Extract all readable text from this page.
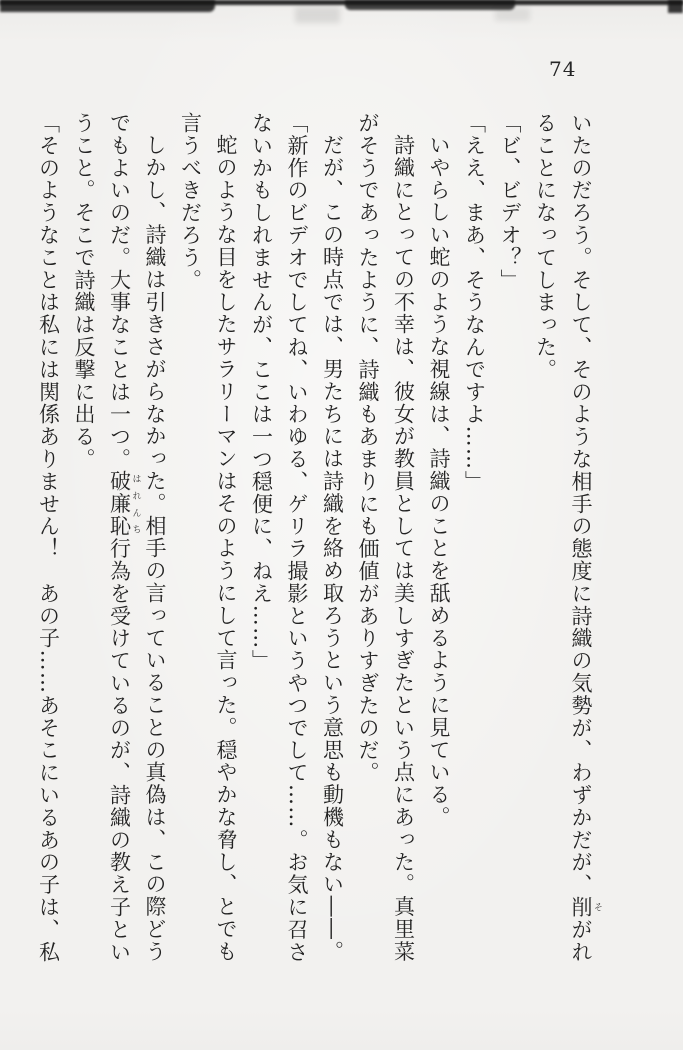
74

いたのだろう。そして、そのような相手の態度に詩織の気勢が、わずかだが、削 そがれることになってしまった。

「ビ、ビデオ？」

「ええ、まあ、そうなんですよ……」

いやらしい蛇のような視線は、詩織のことを舐めるように見ている。

詩織にとっての不幸は、彼女が教員としては美しすぎたという点にあった。真里菜がそうであったように、詩織もあまりにも価値がありすぎたのだ。

だが、この時点では、男たちには詩織を絡め取ろうという意思も動機もない――。

「新作のビデオでしてね、いわゆる、ゲリラ撮影というやつでして……。お気に召さないかもしれませんが、ここは一つ穏便に、ねえ……」

蛇のような目をしたサラリーマンはそのようにして言った。穏やかな脅し、とでも言うべきだろう。

しかし、詩織は引きさがらなかった。相手の言っていることの真偽は、この際どうでもよいのだ。大事なことは一つ。破廉恥 はれんち行為を受けているのが、詩織の教え子ということ。そこで詩織は反撃に出る。

「そのようなことは私には関係ありません！　あの子……あそこにいるあの子は、私
